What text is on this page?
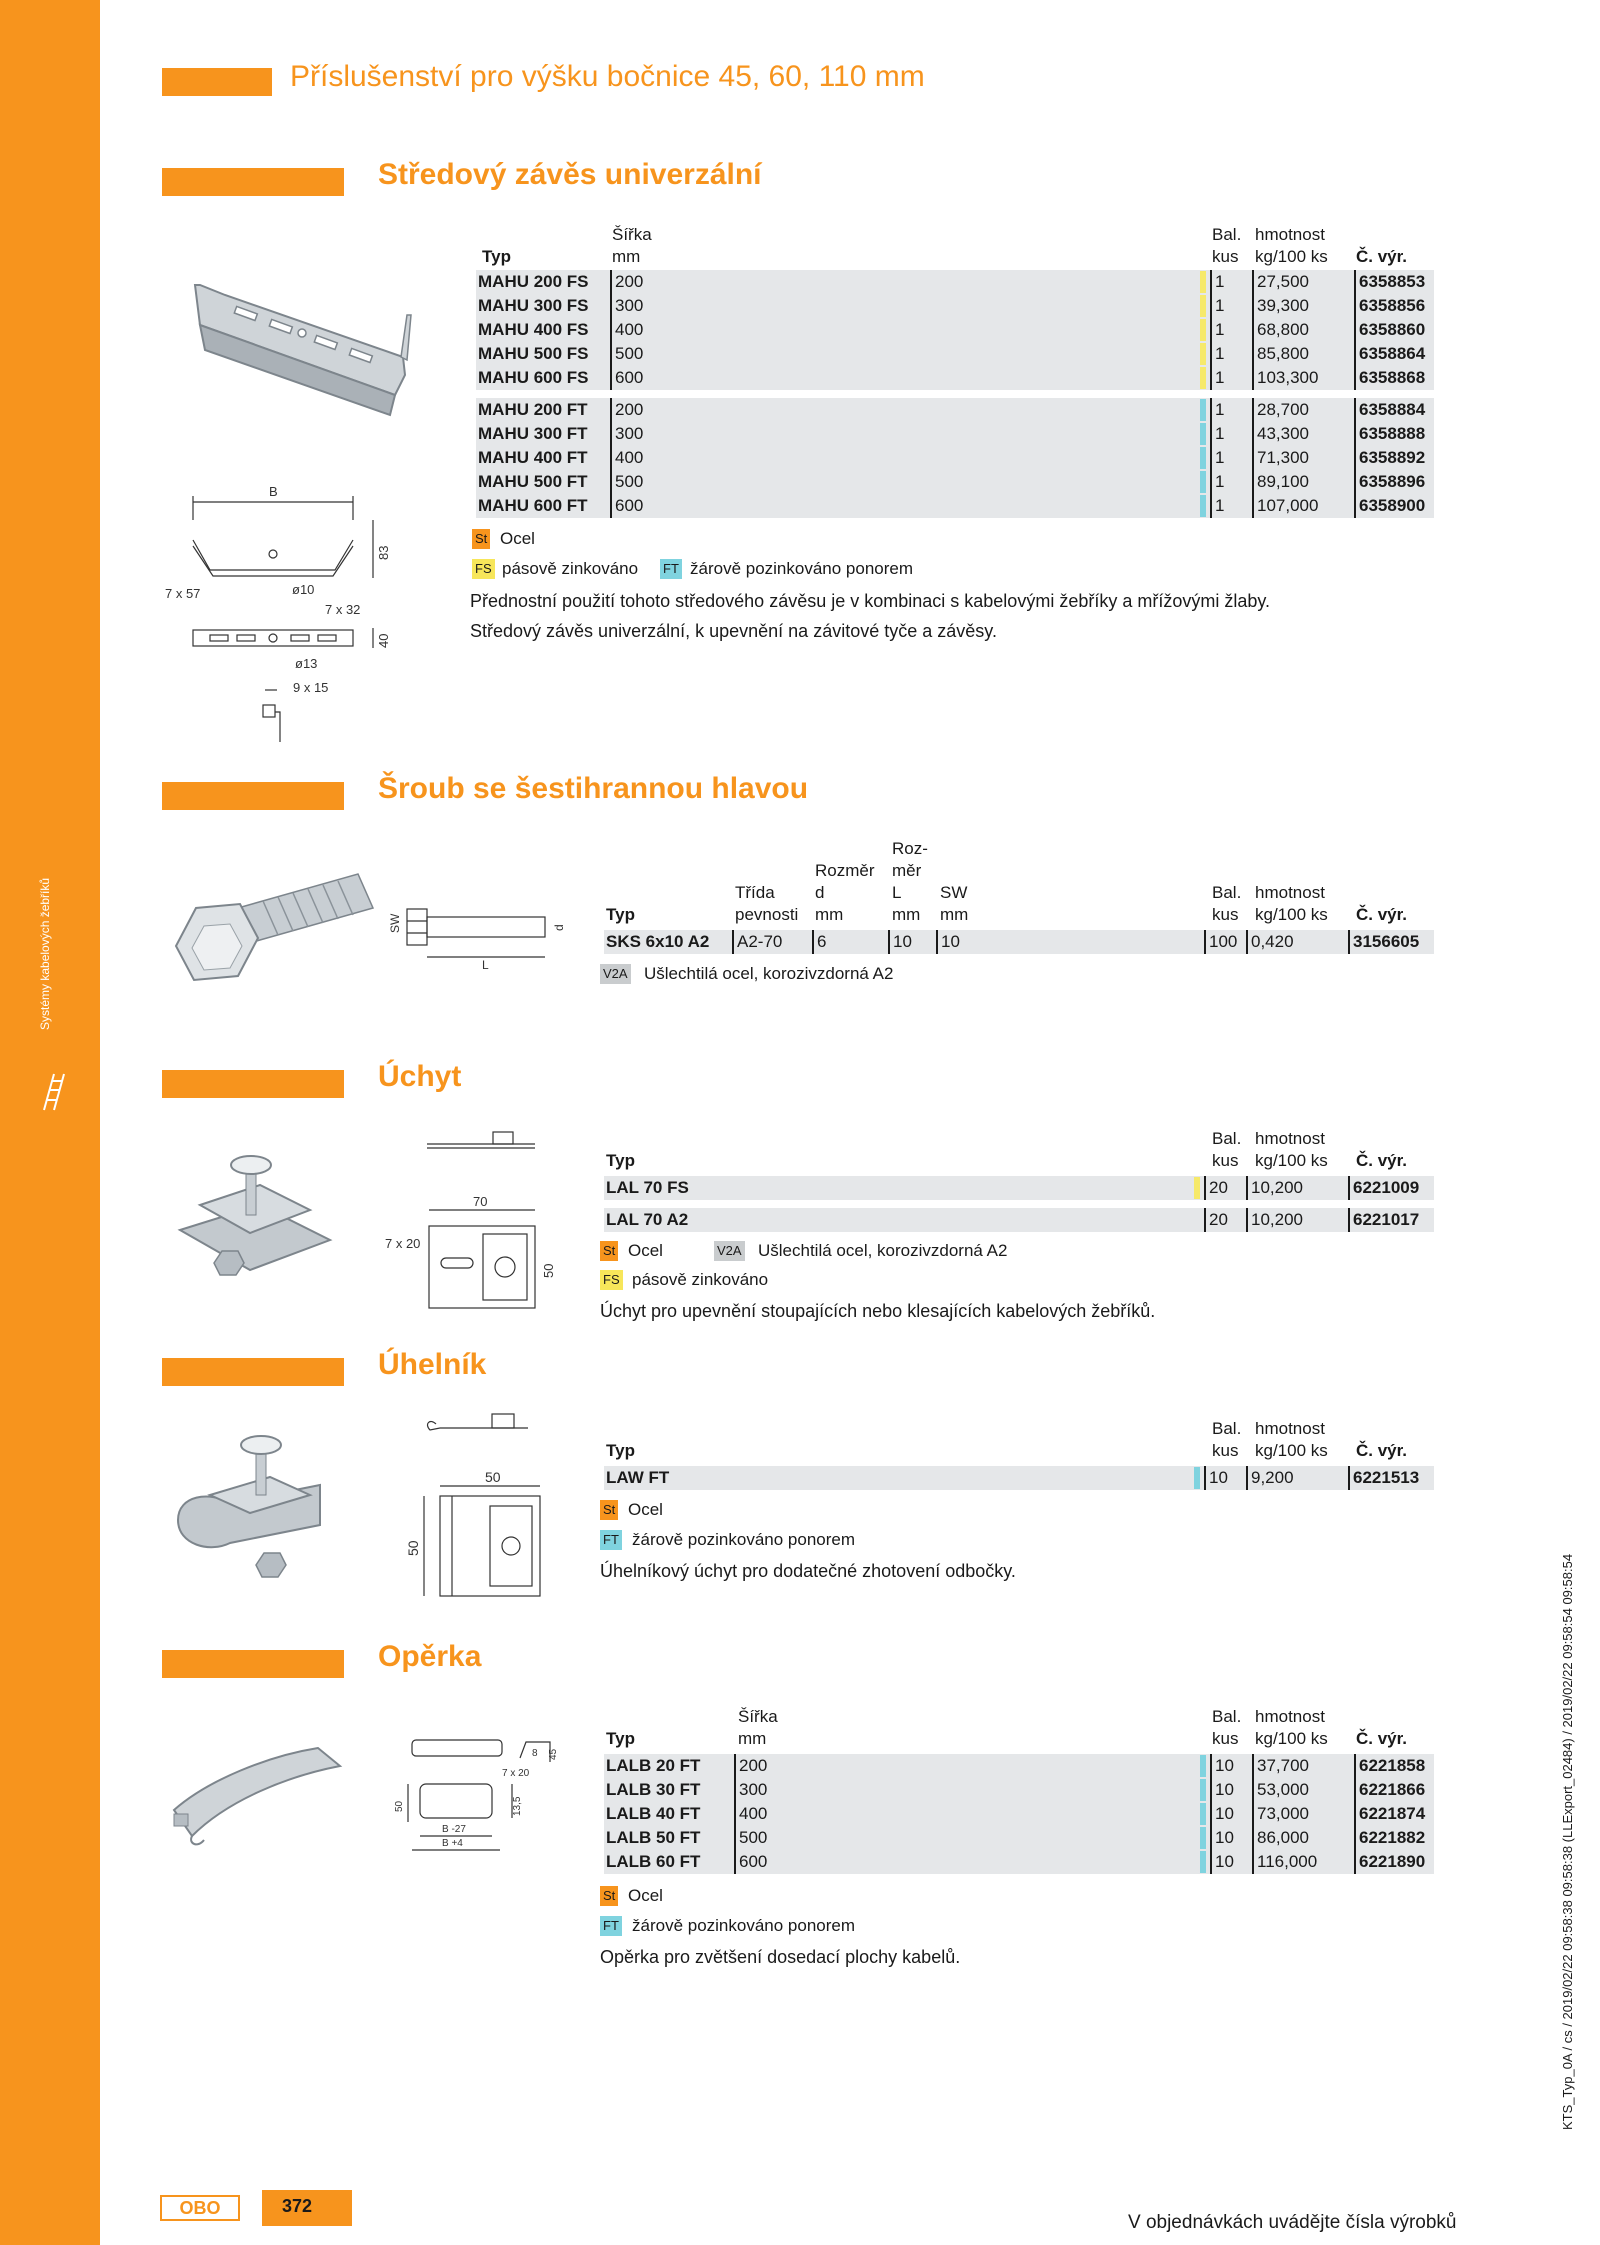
Systémy kabelových žebříků
Příslušenství pro výšku bočnice 45, 60, 110 mm
Středový závěs univerzální
B
83
7 x 57	ø10
7 x 32
40
ø13
9 x 15
Šířka
Typ	mm
Bal.
kus
hmotnost
kg/100 ks Č. výr.
MAHU 200 FS 200	1 27,500	6358853
MAHU 300 FS 300	1 39,300	6358856
MAHU 400 FS 400	1 68,800	6358860
MAHU 500 FS 500	1 85,800	6358864
MAHU 600 FS 600	1 103,300 6358868
MAHU 200 FT 200	1 28,700	6358884
MAHU 300 FT 300	1 43,300	6358888
MAHU 400 FT 400	1 71,300	6358892
MAHU 500 FT 500	1 89,100	6358896
MAHU 600 FT 600	1 107,000 6358900
St Ocel
FS pásově zinkováno FT žárově pozinkováno ponorem
Přednostní použití tohoto středového závěsu je v kombinaci s kabelovými žebříky a mřížovými žlaby.
Středový závěs univerzální, k upevnění na závitové tyče a závěsy.
Šroub se šestihrannou hlavou
SW	d
L
Roz-
Rozměr měr
Třída d	L SW
Typ	pevnosti mm	mm mm
Bal.
kus
hmotnost
kg/100 ks Č. výr.
SKS 6x10 A2 A2-70 6	10 10	100 0,420	3156605
V2A Ušlechtilá ocel, korozivzdorná A2
Úchyt
70
7 x 20
50
Bal.
kus
hmotnost
kg/100 ks
Typ	Č. výr.
LAL 70 FS	20 10,200	6221009
LAL 70 A2	20 10,200	6221017
St Ocel	V2A Ušlechtilá ocel, korozivzdorná A2
FS pásově zinkováno
Úchyt pro upevnění stoupajících nebo klesajících kabelových žebříků.
Úhelník
50
50
Bal.
kus
hmotnost
kg/100 ks
Typ	Č. výr.
LAW FT	10 9,200	6221513
St Ocel
FT žárově pozinkováno ponorem
Úhelníkový úchyt pro dodatečné zhotovení odbočky.
Opěrka
8 45
7 x 20
50	13,5
B -27
B +4
Šířka
Typ	mm
Bal.
kus
hmotnost
kg/100 ks Č. výr.
LALB 20 FT 200	10 37,700	6221858
LALB 30 FT 300	10 53,000	6221866
LALB 40 FT 400	10 73,000	6221874
LALB 50 FT 500	10 86,000	6221882
LALB 60 FT 600	10 116,000 6221890
St Ocel
FT žárově pozinkováno ponorem
Opěrka pro zvětšení dosedací plochy kabelů.
OBO	372
V objednávkách uvádějte čísla výrobků
KTS_Typ_0A / cs / 2019/02/22 09:58:38 09:58:38 (LLExport_02484) / 2019/02/22 09:58:54 09:58:54
